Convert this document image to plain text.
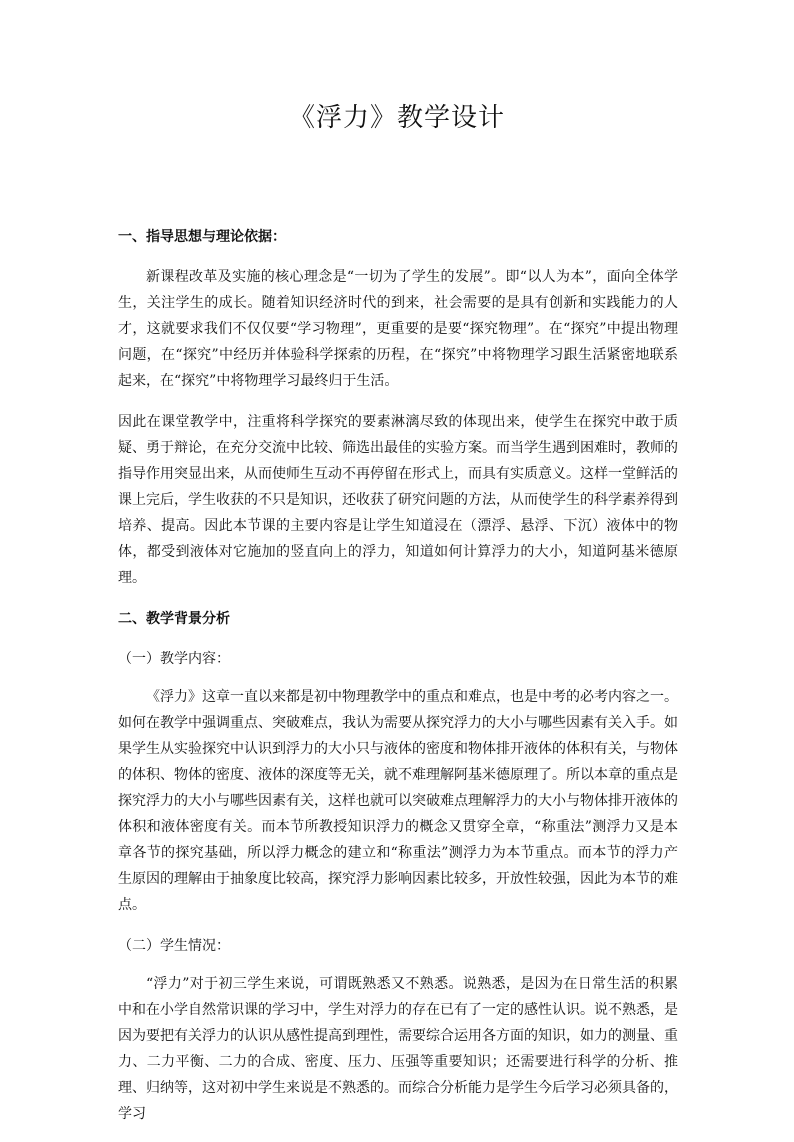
《浮力》教学设计
一、指导思想与理论依据：

新课程改革及实施的核心理念是“一切为了学生的发展”。即“以人为本”，面向全体学生，关注学生的成长。随着知识经济时代的到来，社会需要的是具有创新和实践能力的人才，这就要求我们不仅仅要“学习物理”，更重要的是要“探究物理”。在“探究”中提出物理问题，在“探究”中经历并体验科学探索的历程，在“探究”中将物理学习跟生活紧密地联系起来，在“探究”中将物理学习最终归于生活。

因此在课堂教学中，注重将科学探究的要素淋漓尽致的体现出来，使学生在探究中敢于质疑、勇于辩论，在充分交流中比较、筛选出最佳的实验方案。而当学生遇到困难时，教师的指导作用突显出来，从而使师生互动不再停留在形式上，而具有实质意义。这样一堂鲜活的课上完后，学生收获的不只是知识，还收获了研究问题的方法，从而使学生的科学素养得到培养、提高。因此本节课的主要内容是让学生知道浸在（漂浮、悬浮、下沉）液体中的物体，都受到液体对它施加的竖直向上的浮力，知道如何计算浮力的大小，知道阿基米德原理。

二、教学背景分析
（一）教学内容：

《浮力》这章一直以来都是初中物理教学中的重点和难点，也是中考的必考内容之一。如何在教学中强调重点、突破难点，我认为需要从探究浮力的大小与哪些因素有关入手。如果学生从实验探究中认识到浮力的大小只与液体的密度和物体排开液体的体积有关，与物体的体积、物体的密度、液体的深度等无关，就不难理解阿基米德原理了。所以本章的重点是探究浮力的大小与哪些因素有关，这样也就可以突破难点理解浮力的大小与物体排开液体的体积和液体密度有关。而本节所教授知识浮力的概念又贯穿全章，“称重法”测浮力又是本章各节的探究基础，所以浮力概念的建立和“称重法”测浮力为本节重点。而本节的浮力产生原因的理解由于抽象度比较高，探究浮力影响因素比较多，开放性较强，因此为本节的难点。

（二）学生情况：

“浮力”对于初三学生来说，可谓既熟悉又不熟悉。说熟悉，是因为在日常生活的积累中和在小学自然常识课的学习中，学生对浮力的存在已有了一定的感性认识。说不熟悉，是因为要把有关浮力的认识从感性提高到理性，需要综合运用各方面的知识，如力的测量、重力、二力平衡、二力的合成、密度、压力、压强等重要知识；还需要进行科学的分析、推理、归纳等，这对初中学生来说是不熟悉的。而综合分析能力是学生今后学习必须具备的，学习
